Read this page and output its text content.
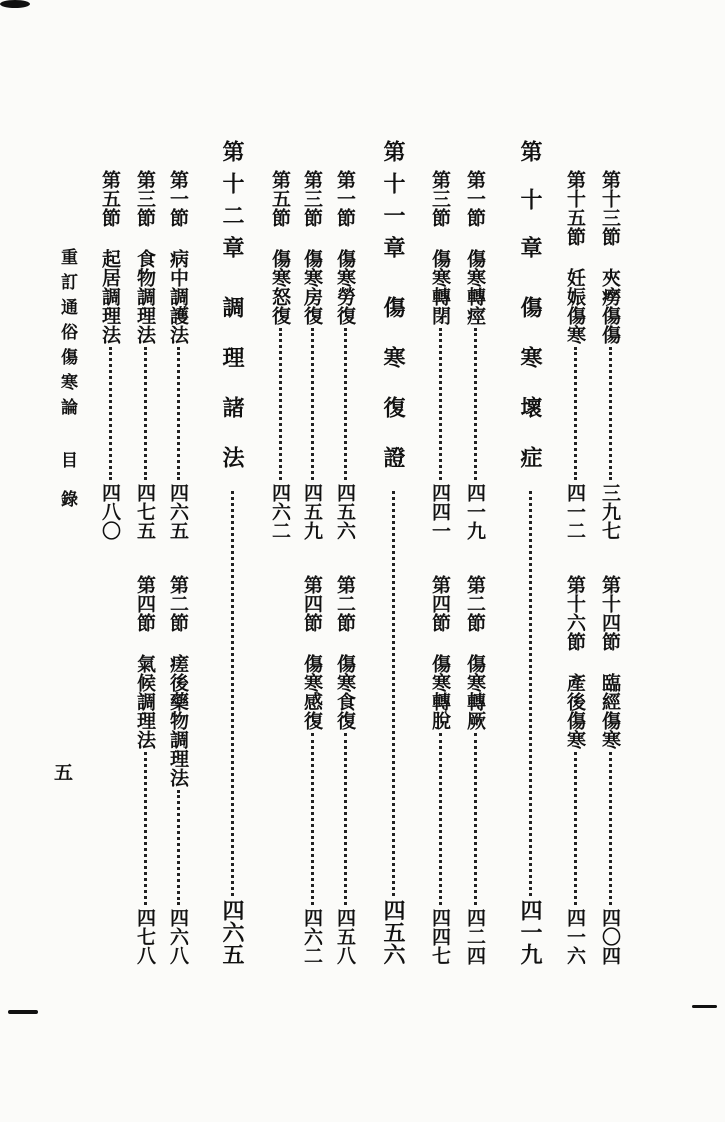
第十三節
夾癆傷傷
三九七
第十四節
臨經傷寒
四〇四
第十五節
妊娠傷寒
四一二
第十六節
產後傷寒
四一六
第十章
傷寒壞症
四一九
第一節
傷寒轉痙
四一九
第二節
傷寒轉厥
四二四
第三節
傷寒轉閉
四四一
第四節
傷寒轉脫
四四七
第十一章
傷寒復證
四五六
第一節
傷寒勞復
四五六
第二節
傷寒食復
四五八
第三節
傷寒房復
四五九
第四節
傷寒感復
四六二
第五節
傷寒怒復
四六二
第十二章
調理諸法
四六五
第一節
病中調護法
四六五
第二節
瘥後藥物調理法
四六八
第三節
食物調理法
四七五
第四節
氣候調理法
四七八
第五節
起居調理法
四八〇
重訂通俗傷寒論目錄
五
